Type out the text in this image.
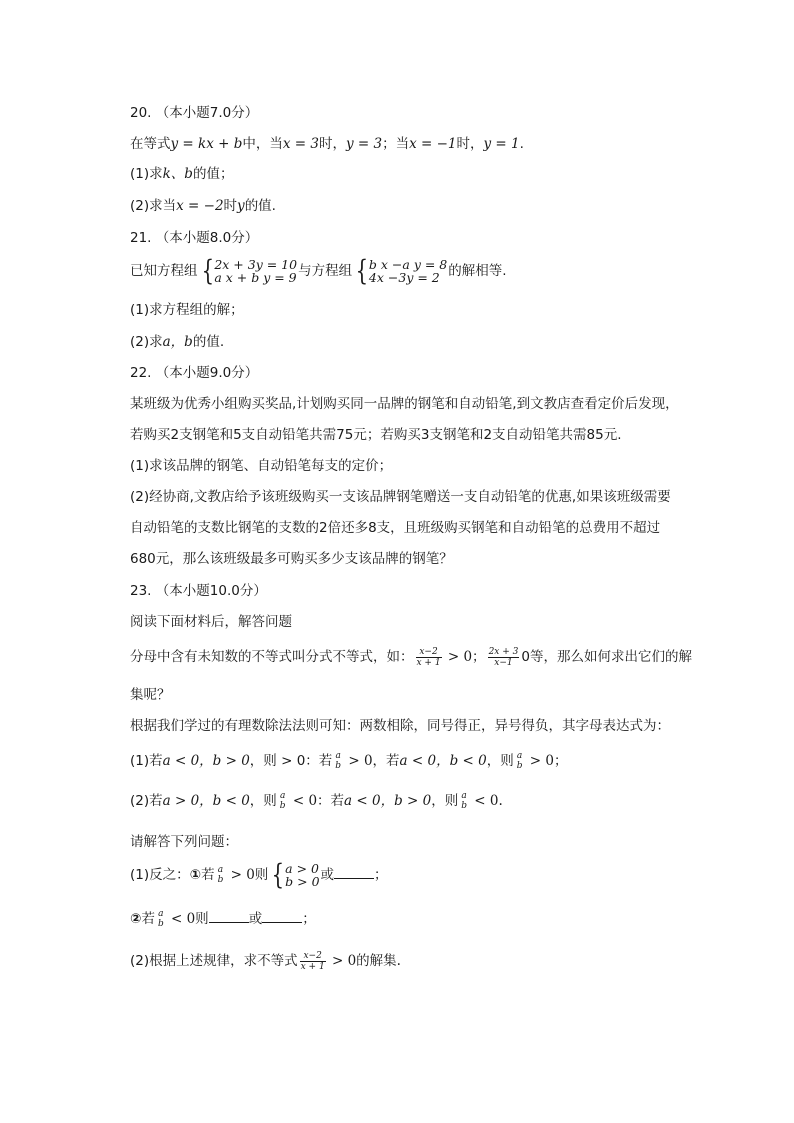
20. （本小题7.0分）
在等式y = kx + b中，当x = 3时，y = 3；当x = −1时，y = 1.
(1)求k、b的值；
(2)求当x = −2时y的值.
21. （本小题8.0分）
已知方程组 { 2x + 3y = 10
a x + b y = 9 与方程组 { b x −a y = 8
4x −3y = 2 的解相等.
(1)求方程组的解；
(2)求a，b的值.
22. （本小题9.0分）
某班级为优秀小组购买奖品,计划购买同一品牌的钢笔和自动铅笔,到文教店查看定价后发现，
若购买2支钢笔和5支自动铅笔共需75元；若购买3支钢笔和2支自动铅笔共需85元.
(1)求该品牌的钢笔、自动铅笔每支的定价；
(2)经协商,文教店给予该班级购买一支该品牌钢笔赠送一支自动铅笔的优惠,如果该班级需要
自动铅笔的支数比钢笔的支数的2倍还多8支，且班级购买钢笔和自动铅笔的总费用不超过
680元，那么该班级最多可购买多少支该品牌的钢笔？
23. （本小题10.0分）
阅读下面材料后，解答问题
分母中含有未知数的不等式叫分式不等式，如： $\frac{x-2}{x + 1} > 0$； $\frac{2x + 3}{x-1} 0$等，那么如何求出它们的解
集呢？
根据我们学过的有理数除法法则可知：两数相除，同号得正，异号得负，其字母表达式为：
(1)若a < 0，b > 0，则 > 0：若 a
b > 0，若a < 0，b < 0，则 a
b > 0；
(2)若a > 0，b < 0，则 a
b < 0：若a < 0，b > 0，则 a
b < 0.
请解答下列问题：
(1)反之：①若 a
b > 0则 { a > 0
b > 0 或	；
②若 a
b < 0则	或	；
(2)根据上述规律，求不等式 $\frac{x-2}{x + 1} > 0$的解集.
